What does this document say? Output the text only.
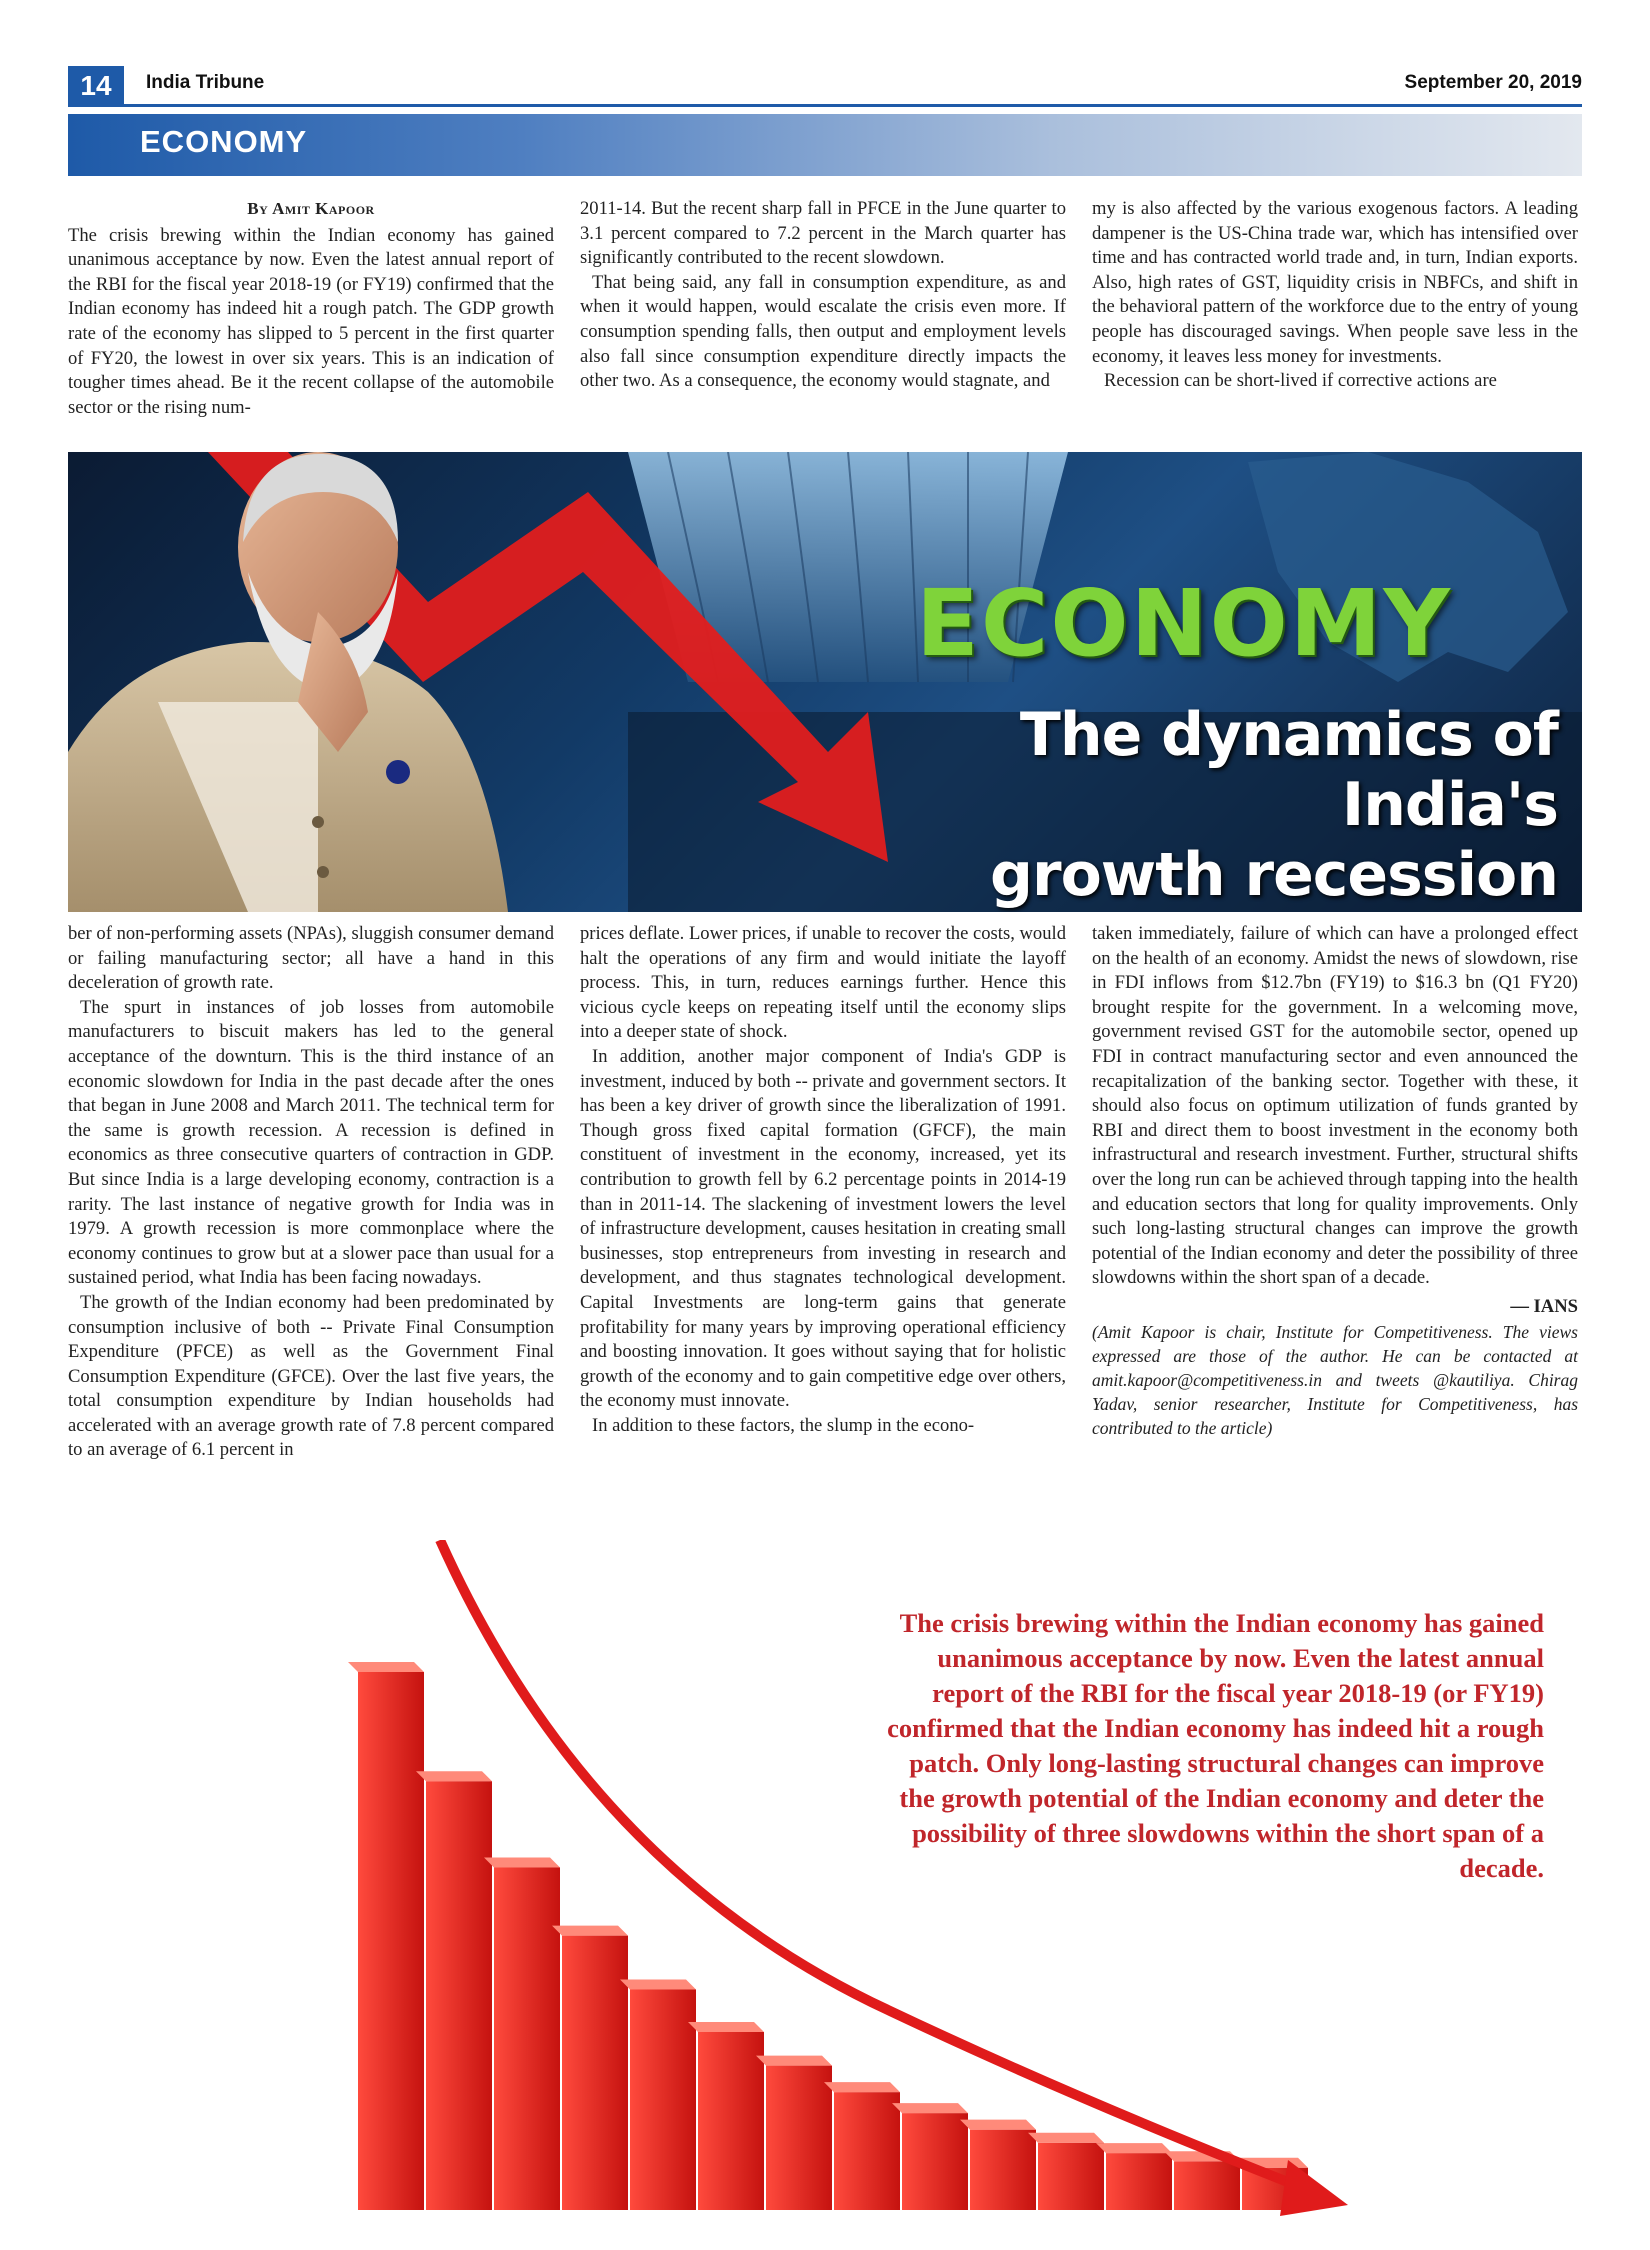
14	India Tribune	September 20, 2019
ECONOMY
By Amit Kapoor

The crisis brewing within the Indian economy has gained unanimous acceptance by now. Even the latest annual report of the RBI for the fiscal year 2018-19 (or FY19) confirmed that the Indian economy has indeed hit a rough patch. The GDP growth rate of the economy has slipped to 5 percent in the first quarter of FY20, the lowest in over six years. This is an indication of tougher times ahead. Be it the recent collapse of the automobile sector or the rising num-

2011-14. But the recent sharp fall in PFCE in the June quarter to 3.1 percent compared to 7.2 percent in the March quarter has significantly contributed to the recent slowdown.

That being said, any fall in consumption expenditure, as and when it would happen, would escalate the crisis even more. If consumption spending falls, then output and employment levels also fall since consumption expenditure directly impacts the other two. As a consequence, the economy would stagnate, and

my is also affected by the various exogenous factors. A leading dampener is the US-China trade war, which has intensified over time and has contracted world trade and, in turn, Indian exports. Also, high rates of GST, liquidity crisis in NBFCs, and shift in the behavioral pattern of the workforce due to the entry of young people has discouraged savings. When people save less in the economy, it leaves less money for investments.

Recession can be short-lived if corrective actions are

ECONOMY
The dynamics of India's
growth recession

ber of non-performing assets (NPAs), sluggish consumer demand or failing manufacturing sector; all have a hand in this deceleration of growth rate.

The spurt in instances of job losses from automobile manufacturers to biscuit makers has led to the general acceptance of the downturn. This is the third instance of an economic slowdown for India in the past decade after the ones that began in June 2008 and March 2011. The technical term for the same is growth recession. A recession is defined in economics as three consecutive quarters of contraction in GDP. But since India is a large developing economy, contraction is a rarity. The last instance of negative growth for India was in 1979. A growth recession is more commonplace where the economy continues to grow but at a slower pace than usual for a sustained period, what India has been facing nowadays.

The growth of the Indian economy had been predominated by consumption inclusive of both -- Private Final Consumption Expenditure (PFCE) as well as the Government Final Consumption Expenditure (GFCE). Over the last five years, the total consumption expenditure by Indian households had accelerated with an average growth rate of 7.8 percent compared to an average of 6.1 percent in

prices deflate. Lower prices, if unable to recover the costs, would halt the operations of any firm and would initiate the layoff process. This, in turn, reduces earnings further. Hence this vicious cycle keeps on repeating itself until the economy slips into a deeper state of shock.

In addition, another major component of India's GDP is investment, induced by both -- private and government sectors. It has been a key driver of growth since the liberalization of 1991. Though gross fixed capital formation (GFCF), the main constituent of investment in the economy, increased, yet its contribution to growth fell by 6.2 percentage points in 2014-19 than in 2011-14. The slackening of investment lowers the level of infrastructure development, causes hesitation in creating small businesses, stop entrepreneurs from investing in research and development, and thus stagnates technological development. Capital Investments are long-term gains that generate profitability for many years by improving operational efficiency and boosting innovation. It goes without saying that for holistic growth of the economy and to gain competitive edge over others, the economy must innovate.

In addition to these factors, the slump in the econo-

taken immediately, failure of which can have a prolonged effect on the health of an economy. Amidst the news of slowdown, rise in FDI inflows from $12.7bn (FY19) to $16.3 bn (Q1 FY20) brought respite for the government. In a welcoming move, government revised GST for the automobile sector, opened up FDI in contract manufacturing sector and even announced the recapitalization of the banking sector. Together with these, it should also focus on optimum utilization of funds granted by RBI and direct them to boost investment in the economy both infrastructural and research investment. Further, structural shifts over the long run can be achieved through tapping into the health and education sectors that long for quality improvements. Only such long-lasting structural changes can improve the growth potential of the Indian economy and deter the possibility of three slowdowns within the short span of a decade.

— IANS

(Amit Kapoor is chair, Institute for Competitiveness. The views expressed are those of the author. He can be contacted at amit.kapoor@competitiveness.in and tweets @kautiliya. Chirag Yadav, senior researcher, Institute for Competitiveness, has contributed to the article)

The crisis brewing within the Indian economy has gained unanimous acceptance by now. Even the latest annual report of the RBI for the fiscal year 2018-19 (or FY19) confirmed that the Indian economy has indeed hit a rough patch. Only long-lasting structural changes can improve the growth potential of the Indian economy and deter the possibility of three slowdowns within the short span of a decade.
